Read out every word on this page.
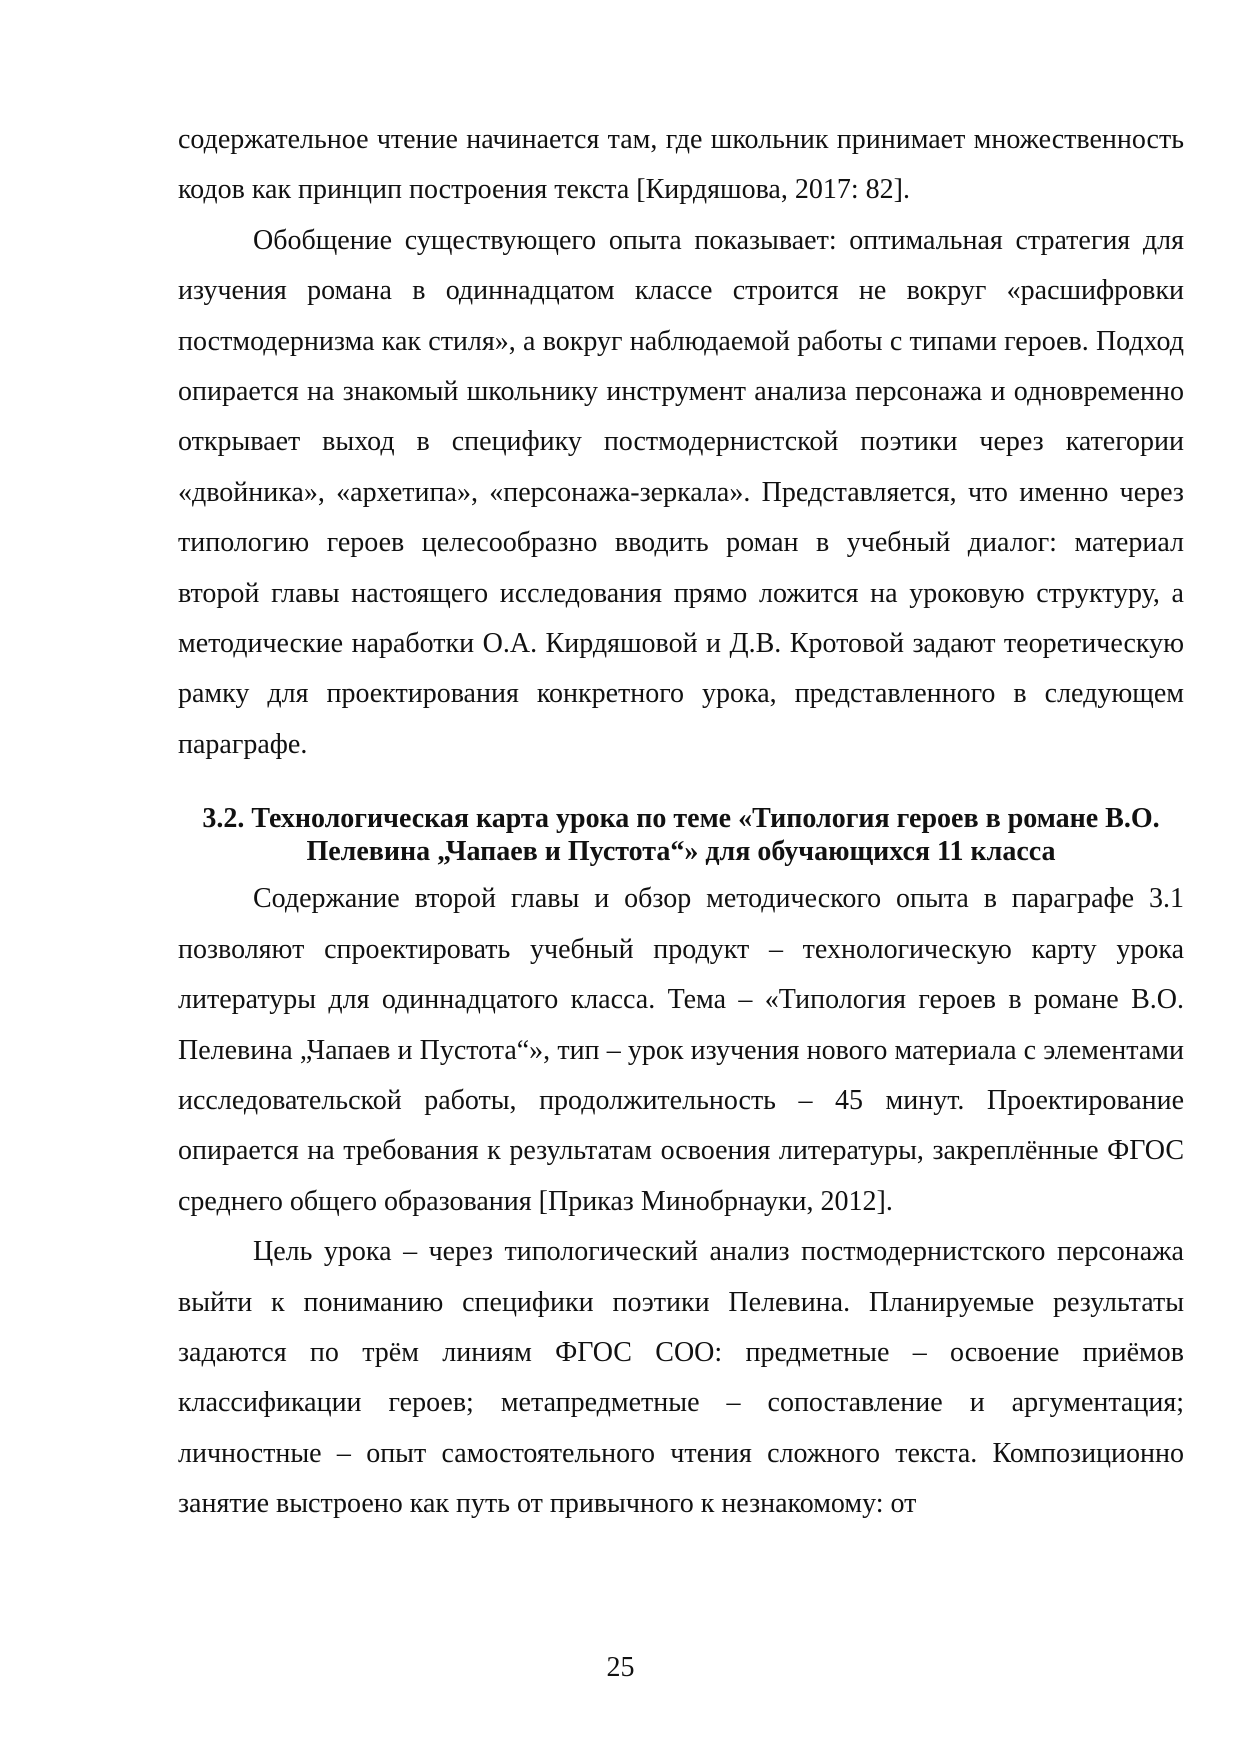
содержательное чтение начинается там, где школьник принимает множественность кодов как принцип построения текста [Кирдяшова, 2017: 82].

Обобщение существующего опыта показывает: оптимальная стратегия для изучения романа в одиннадцатом классе строится не вокруг «расшифровки постмодернизма как стиля», а вокруг наблюдаемой работы с типами героев. Подход опирается на знакомый школьнику инструмент анализа персонажа и одновременно открывает выход в специфику постмодернистской поэтики через категории «двойника», «архетипа», «персонажа-зеркала». Представляется, что именно через типологию героев целесообразно вводить роман в учебный диалог: материал второй главы настоящего исследования прямо ложится на уроковую структуру, а методические наработки О.А. Кирдяшовой и Д.В. Кротовой задают теоретическую рамку для проектирования конкретного урока, представленного в следующем параграфе.

3.2. Технологическая карта урока по теме «Типология героев в романе В.О. Пелевина „Чапаев и Пустота“» для обучающихся 11 класса

Содержание второй главы и обзор методического опыта в параграфе 3.1 позволяют спроектировать учебный продукт – технологическую карту урока литературы для одиннадцатого класса. Тема – «Типология героев в романе В.О. Пелевина „Чапаев и Пустота“», тип – урок изучения нового материала с элементами исследовательской работы, продолжительность – 45 минут. Проектирование опирается на требования к результатам освоения литературы, закреплённые ФГОС среднего общего образования [Приказ Минобрнауки, 2012].

Цель урока – через типологический анализ постмодернистского персонажа выйти к пониманию специфики поэтики Пелевина. Планируемые результаты задаются по трём линиям ФГОС СОО: предметные – освоение приёмов классификации героев; метапредметные – сопоставление и аргументация; личностные – опыт самостоятельного чтения сложного текста. Композиционно занятие выстроено как путь от привычного к незнакомому: от

25
